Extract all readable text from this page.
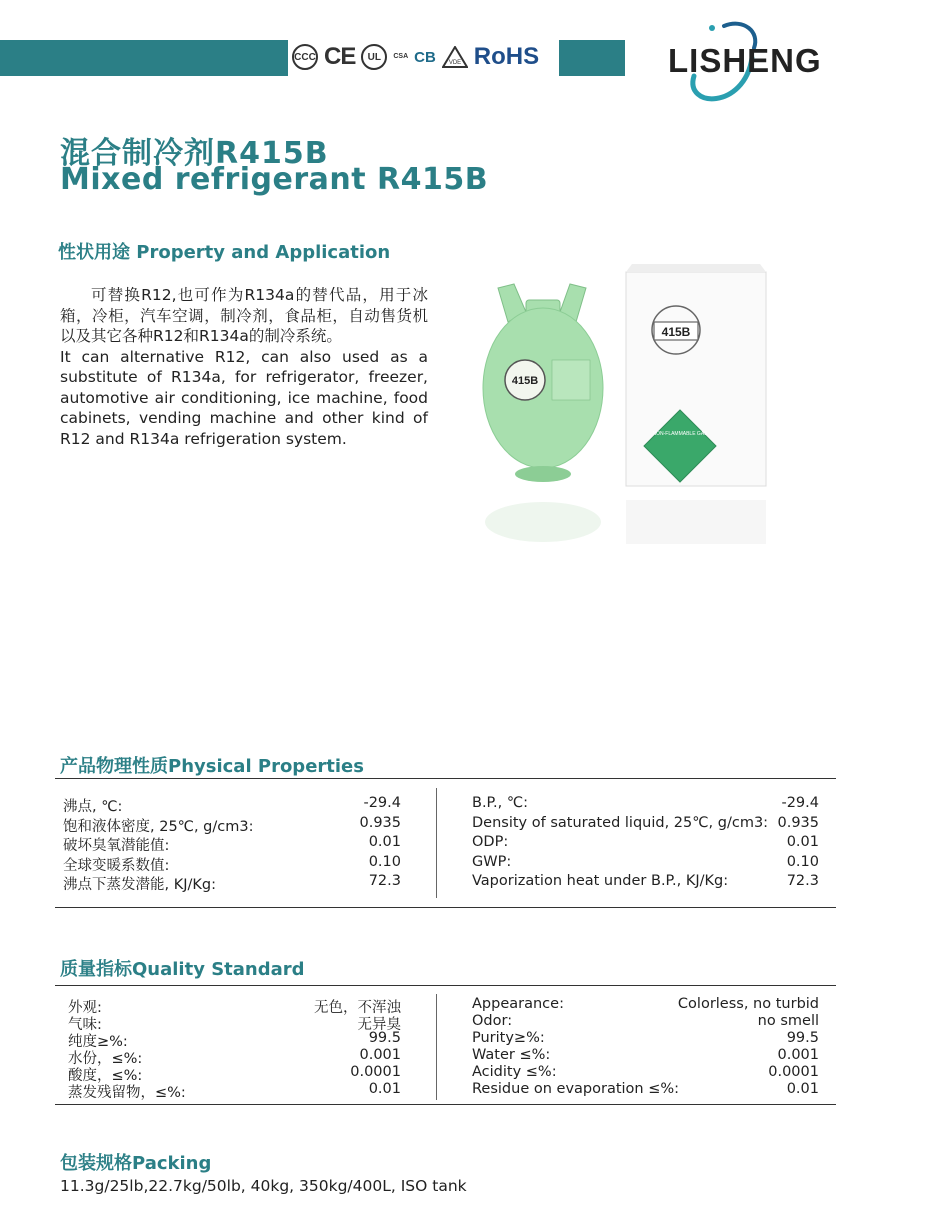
CCC CE UL CSA CB VDE RoHS	LISHENG
混合制冷剂R415B
Mixed refrigerant R415B
性状用途 Property and Application

可替换R12,也可作为R134a的替代品，用于冰箱，冷柜，汽车空调，制冷剂，食品柜，自动售货机以及其它各种R12和R134a的制冷系统。

It can alternative R12, can also used as a substitute of R134a, for refrigerator, freezer, automotive air conditioning, ice machine, food cabinets, vending machine and other kind of R12 and R134a refrigeration system.

415B
415B
NON-FLAMMABLE GAS
产品物理性质Physical Properties
沸点, ℃:	-29.4
饱和液体密度, 25℃, g/cm3:	0.935
破坏臭氧潜能值:	0.01
全球变暖系数值:	0.10
沸点下蒸发潜能, KJ/Kg:	72.3
B.P., ℃:	-29.4
Density of saturated liquid, 25℃, g/cm3: 0.935
ODP:	0.01
GWP:	0.10
Vaporization heat under B.P., KJ/Kg:	72.3
质量指标Quality Standard
外观:	无色，不浑浊
气味:	无异臭
纯度≥%:	99.5
水份，≤%:	0.001
酸度，≤%:	0.0001
蒸发残留物，≤%:	0.01
Appearance:	Colorless, no turbid
Odor:	no smell
Purity≥%:	99.5
Water ≤%:	0.001
Acidity ≤%:	0.0001
Residue on evaporation ≤%:	0.01
包装规格Packing
11.3g/25lb,22.7kg/50lb, 40kg, 350kg/400L, ISO tank
